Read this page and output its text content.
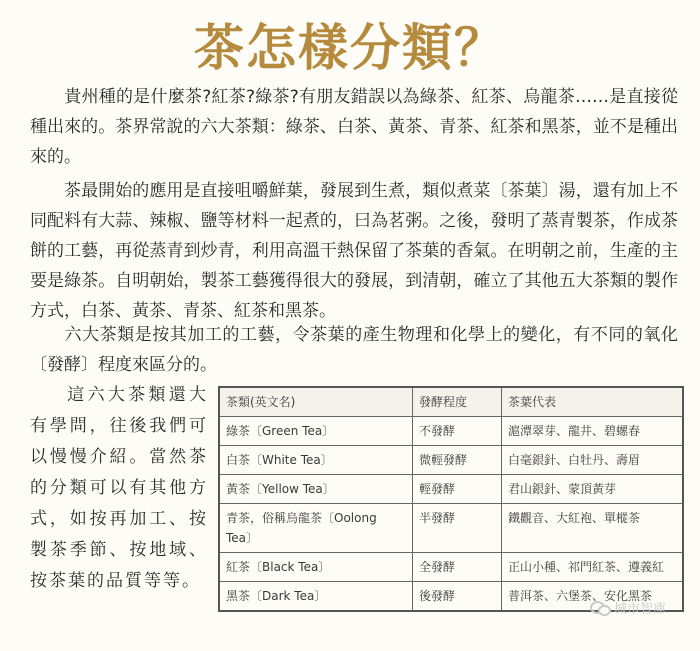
茶怎樣分類？
貴州種的是什麼茶?紅茶?綠茶?有朋友錯誤以為綠茶、紅茶、烏龍茶……是直接從種出來的。茶界常說的六大茶類：綠茶、白茶、黃茶、青茶、紅茶和黑茶，並不是種出來的。
茶最開始的應用是直接咀嚼鮮葉，發展到生煮，類似煮菜〔茶葉〕湯，還有加上不同配料有大蒜、辣椒、鹽等材料一起煮的，曰為茗粥。之後，發明了蒸青製茶，作成茶餅的工藝，再從蒸青到炒青，利用高溫干熱保留了茶葉的香氣。在明朝之前，生產的主要是綠茶。自明朝始，製茶工藝獲得很大的發展，到清朝，確立了其他五大茶類的製作方式，白茶、黃茶、青茶、紅茶和黑茶。
六大茶類是按其加工的工藝，令茶葉的產生物理和化學上的變化，有不同的氧化〔發酵〕程度來區分的。
這六大茶類還大有學問，往後我們可以慢慢介紹。當然茶的分類可以有其他方式，如按再加工、按製茶季節、按地域、按茶葉的品質等等。
茶類(英文名)	發酵程度	茶葉代表
綠茶〔Green Tea〕	不發酵	滬潭翠芽、龍井、碧螺春
白茶〔White Tea〕	微輕發酵	白毫銀針、白牡丹、壽眉
黃茶〔Yellow Tea〕	輕發酵	君山銀針、蒙頂黃芽
青茶，俗稱烏龍茶〔Oolong Tea〕	半發酵	鐵觀音、大紅袍、單樅茶
紅茶〔Black Tea〕	全發酵	正山小種、祁門紅茶、遵義紅
黑茶〔Dark Tea〕	後發酵	普洱茶、六堡茶、安化黑茶
城市智庫
